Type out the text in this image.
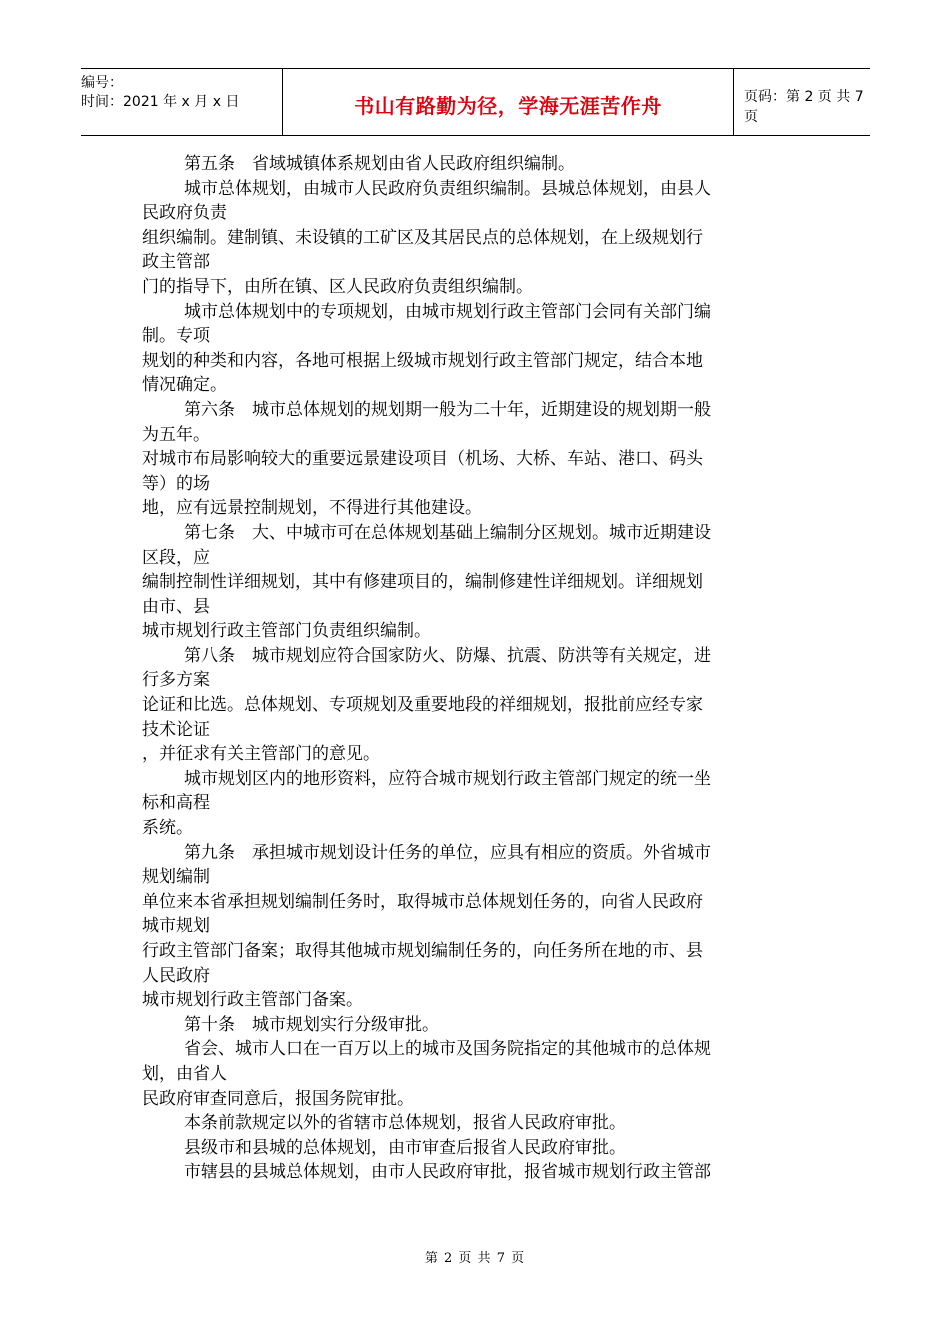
编号：
时间：2021 年 x 月 x 日	书山有路勤为径，学海无涯苦作舟	页码：第 2 页 共 7 页
第五条　省域城镇体系规划由省人民政府组织编制。
城市总体规划，由城市人民政府负责组织编制。县城总体规划，由县人
民政府负责
组织编制。建制镇、未设镇的工矿区及其居民点的总体规划，在上级规划行
政主管部
门的指导下，由所在镇、区人民政府负责组织编制。
城市总体规划中的专项规划，由城市规划行政主管部门会同有关部门编
制。专项
规划的种类和内容，各地可根据上级城市规划行政主管部门规定，结合本地
情况确定。
第六条　城市总体规划的规划期一般为二十年，近期建设的规划期一般
为五年。
对城市布局影响较大的重要远景建设项目（机场、大桥、车站、港口、码头
等）的场
地，应有远景控制规划，不得进行其他建设。
第七条　大、中城市可在总体规划基础上编制分区规划。城市近期建设
区段，应
编制控制性详细规划，其中有修建项目的，编制修建性详细规划。详细规划
由市、县
城市规划行政主管部门负责组织编制。
第八条　城市规划应符合国家防火、防爆、抗震、防洪等有关规定，进
行多方案
论证和比选。总体规划、专项规划及重要地段的祥细规划，报批前应经专家
技术论证
，并征求有关主管部门的意见。
城市规划区内的地形资料，应符合城市规划行政主管部门规定的统一坐
标和高程
系统。
第九条　承担城市规划设计任务的单位，应具有相应的资质。外省城市
规划编制
单位来本省承担规划编制任务时，取得城市总体规划任务的，向省人民政府
城市规划
行政主管部门备案；取得其他城市规划编制任务的，向任务所在地的市、县
人民政府
城市规划行政主管部门备案。
第十条　城市规划实行分级审批。
省会、城市人口在一百万以上的城市及国务院指定的其他城市的总体规
划，由省人
民政府审查同意后，报国务院审批。
本条前款规定以外的省辖市总体规划，报省人民政府审批。
县级市和县城的总体规划，由市审查后报省人民政府审批。
市辖县的县城总体规划，由市人民政府审批，报省城市规划行政主管部
第 2 页 共 7 页
